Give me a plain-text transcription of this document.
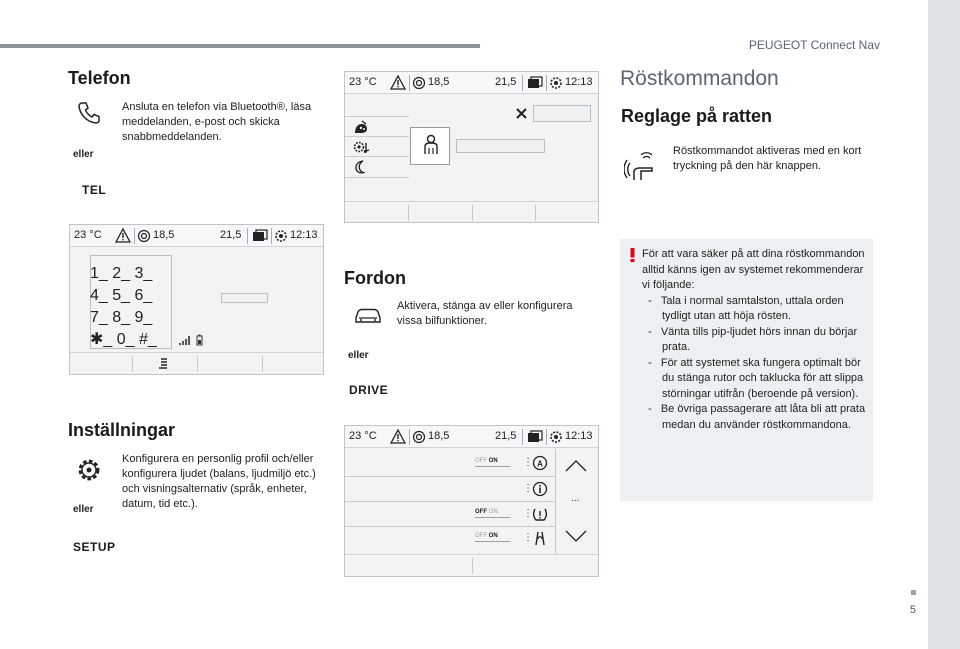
PEUGEOT Connect Nav
5
Telefon
Ansluta en telefon via Bluetooth®, läsa meddelanden, e-post och skicka snabbmeddelanden.
eller
TEL
23 °C	18,5	21,5	12:13
1_ 2_ 3_
4_ 5_ 6_
7_ 8_ 9_
✱_ 0_ #_
Inställningar
Konfigurera en personlig profil och/eller konfigurera ljudet (balans, ljudmiljö etc.) och visningsalternativ (språk, enheter, datum, tid etc.).
eller
SETUP
23 °C	18,5	21,5	12:13
Fordon
Aktivera, stänga av eller konfigurera vissa bilfunktioner.
eller
DRIVE
23 °C	18,5	21,5	12:13
OFF ON	⋮ A
⋮
OFF ON	⋮
OFF ON	⋮
...
Röstkommandon
Reglage på ratten
Röstkommandot aktiveras med en kort tryckning på den här knappen.
För att vara säker på att dina röstkommandon alltid känns igen av systemet rekommenderar vi följande:
-   Tala i normal samtalston, uttala orden tydligt utan att höja rösten.
-   Vänta tills pip-ljudet hörs innan du börjar prata.
-   För att systemet ska fungera optimalt bör du stänga rutor och taklucka för att slippa störningar utifrån (beroende på version).
-   Be övriga passagerare att låta bli att prata medan du använder röstkommandona.
